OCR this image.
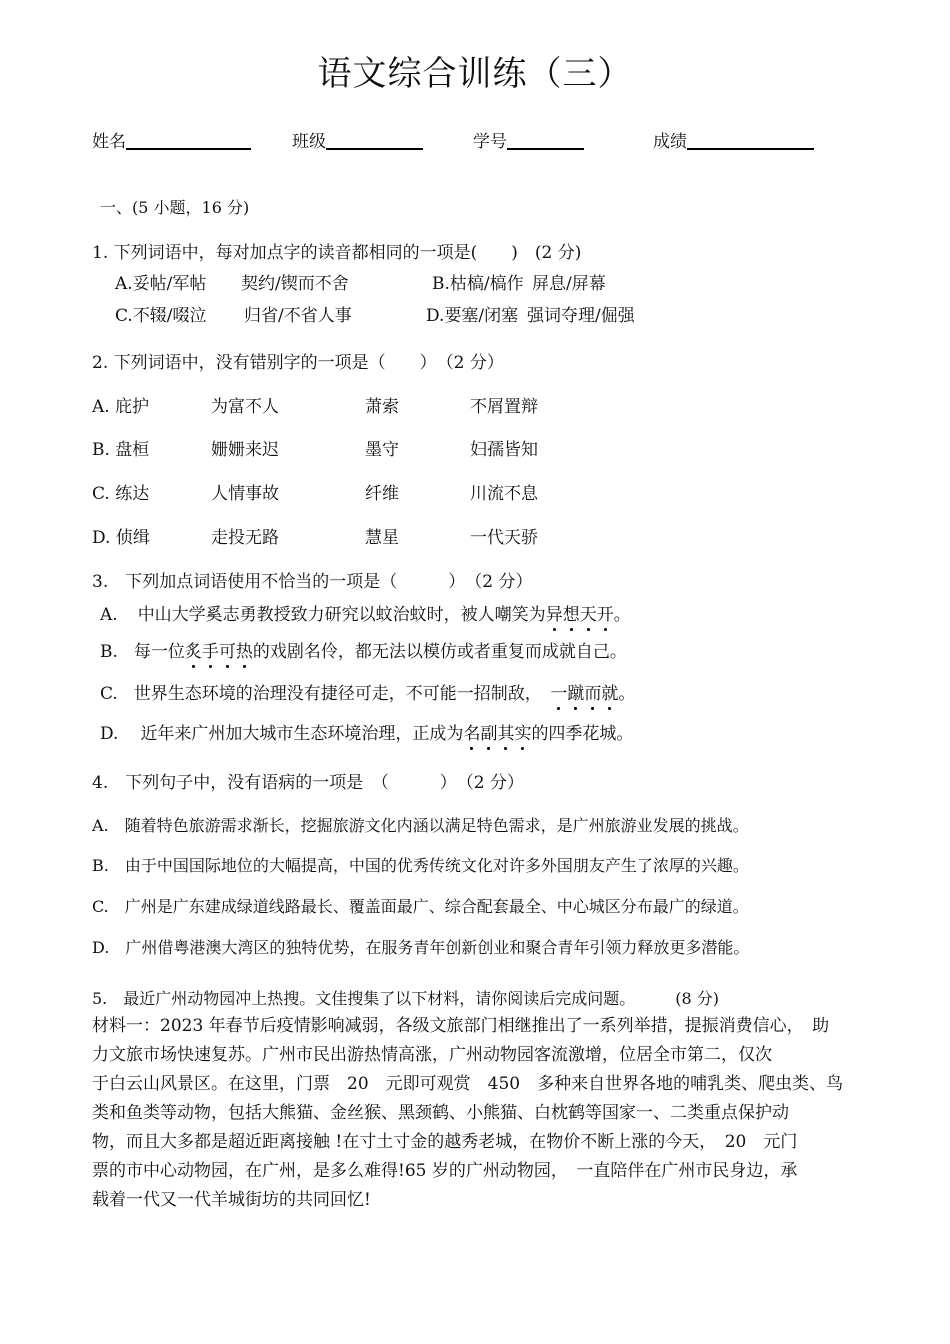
语文综合训练（三）
姓名	班级	学号	成绩
一、(5 小题，16 分)
1. 下列词语中，每对加点字的读音都相同的一项是(　　)　(2 分)
A.妥帖/军帖 契约/锲而不舍	B.枯槁/槁作 屏息/屏幕
C.不辍/啜泣 归省/不省人事	D.要塞/闭塞 强词夺理/倔强
2. 下列词语中，没有错别字的一项是（　　）　（2 分）
A. 庇护	为富不人	萧索	不屑置辩
B. 盘桓	姗姗来迟	墨守	妇孺皆知
C. 练达	人情事故	纤维	川流不息
D. 侦缉	走投无路	慧星	一代天骄
3.　下列加点词语使用不恰当的一项是（　　　）　（2 分）
A. 中山大学奚志勇教授致力研究以蚊治蚊时，被人嘲笑为异想天开。
B. 每一位炙手可热的戏剧名伶，都无法以模仿或者重复而成就自己。
C. 世界生态环境的治理没有捷径可走，不可能一招制敌，　一蹴而就。
D. 近年来广州加大城市生态环境治理，正成为名副其实的四季花城。
4.　下列句子中，没有语病的一项是　（　　　）　（2 分）
A.　随着特色旅游需求渐长，挖掘旅游文化内涵以满足特色需求，是广州旅游业发展的挑战。
B.　由于中国国际地位的大幅提高，中国的优秀传统文化对许多外国朋友产生了浓厚的兴趣。
C.　广州是广东建成绿道线路最长、覆盖面最广、综合配套最全、中心城区分布最广的绿道。
D.　广州借粤港澳大湾区的独特优势，在服务青年创新创业和聚合青年引领力释放更多潜能。
5.　最近广州动物园冲上热搜。文佳搜集了以下材料，请你阅读后完成问题。　　　(8 分)
材料一：2023 年春节后疫情影响减弱，各级文旅部门相继推出了一系列举措，提振消费信心，　助
力文旅市场快速复苏。广州市民出游热情高涨，广州动物园客流激增，位居全市第二，仅次
于白云山风景区。在这里，门票　20　元即可观赏　450　多种来自世界各地的哺乳类、爬虫类、鸟
类和鱼类等动物，包括大熊猫、金丝猴、黑颈鹤、小熊猫、白枕鹤等国家一、二类重点保护动
物，而且大多都是超近距离接触 !在寸土寸金的越秀老城，在物价不断上涨的今天，　20　元门
票的市中心动物园，在广州，是多么难得!65 岁的广州动物园，　一直陪伴在广州市民身边，承
载着一代又一代羊城街坊的共同回忆!
